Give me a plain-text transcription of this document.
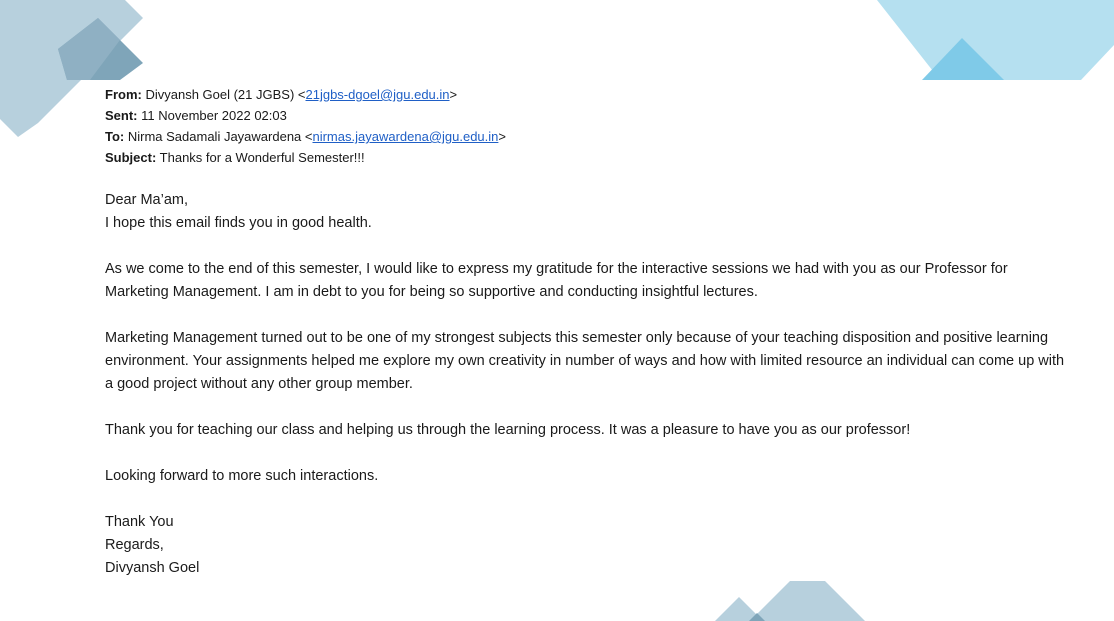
From: Divyansh Goel (21 JGBS) <21jgbs-dgoel@jgu.edu.in>
Sent: 11 November 2022 02:03
To: Nirma Sadamali Jayawardena <nirmas.jayawardena@jgu.edu.in>
Subject: Thanks for a Wonderful Semester!!!

Dear Ma’am,
I hope this email finds you in good health.

As we come to the end of this semester, I would like to express my gratitude for the interactive sessions we had with you as our Professor for Marketing Management. I am in debt to you for being so supportive and conducting insightful lectures.

Marketing Management turned out to be one of my strongest subjects this semester only because of your teaching disposition and positive learning environment. Your assignments helped me explore my own creativity in number of ways and how with limited resource an individual can come up with a good project without any other group member.

Thank you for teaching our class and helping us through the learning process. It was a pleasure to have you as our professor!

Looking forward to more such interactions.

Thank You
Regards,
Divyansh Goel
